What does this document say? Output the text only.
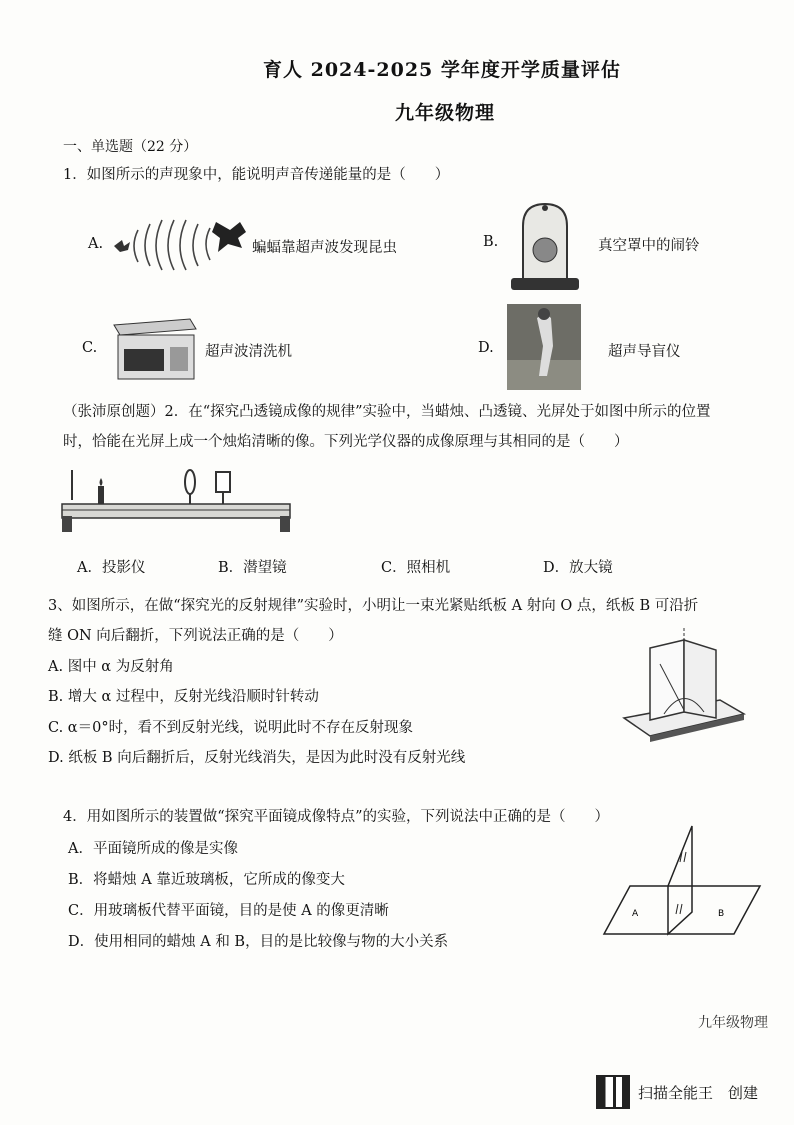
育人 2024-2025 学年度开学质量评估
九年级物理
一、单选题（22 分）
1．如图所示的声现象中，能说明声音传递能量的是（　　）
A.	蝙蝠靠超声波发现昆虫	B.	真空罩中的闹铃
C.	超声波清洗机	D.	超声导盲仪
（张沛原创题）2．在“探究凸透镜成像的规律”实验中，当蜡烛、凸透镜、光屏处于如图中所示的位置
时，恰能在光屏上成一个烛焰清晰的像。下列光学仪器的成像原理与其相同的是（　　）
A．投影仪	B．潜望镜	C．照相机	D．放大镜
3、如图所示，在做“探究光的反射规律”实验时，小明让一束光紧贴纸板 A 射向 O 点，纸板 B 可沿折
缝 ON 向后翻折，下列说法正确的是（　　）
A. 图中 α 为反射角
B. 增大 α 过程中，反射光线沿顺时针转动
C. α＝0°时，看不到反射光线，说明此时不存在反射现象
D. 纸板 B 向后翻折后，反射光线消失，是因为此时没有反射光线
4．用如图所示的装置做“探究平面镜成像特点”的实验，下列说法中正确的是（　　）
A．平面镜所成的像是实像
B．将蜡烛 A 靠近玻璃板，它所成的像变大
C．用玻璃板代替平面镜，目的是使 A 的像更清晰
D．使用相同的蜡烛 A 和 B，目的是比较像与物的大小关系
A	B
九年级物理
扫描全能王　创建
